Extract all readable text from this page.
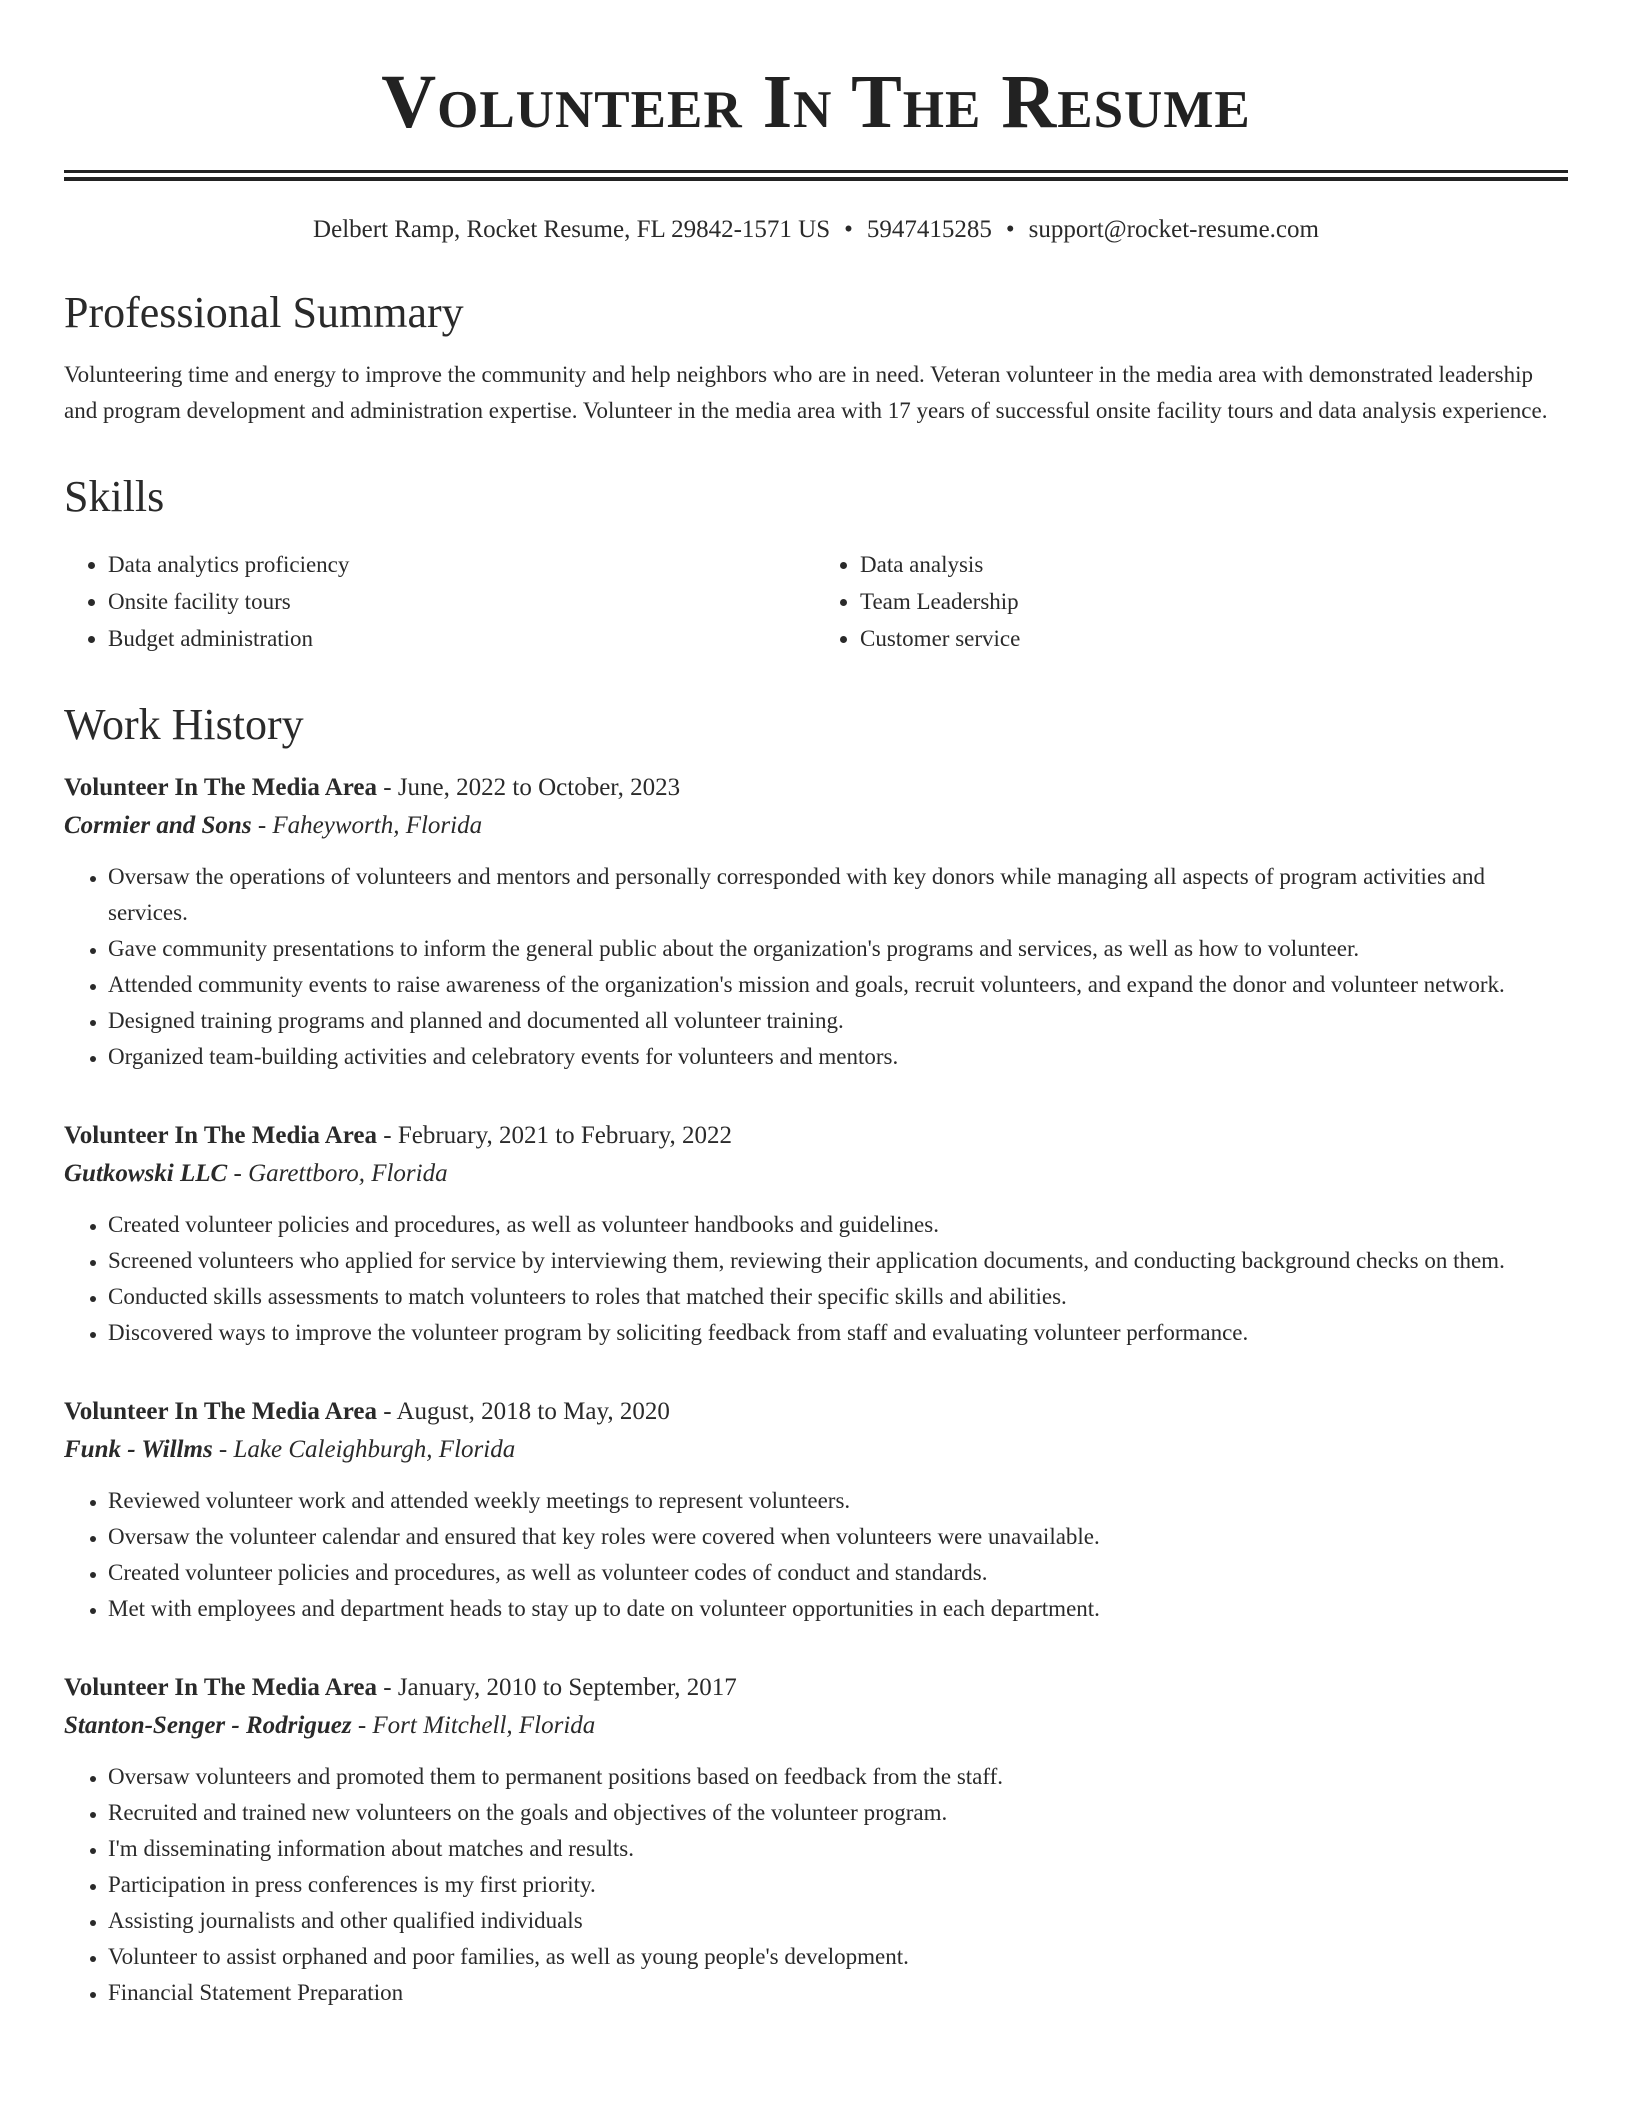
Volunteer In The Resume
Delbert Ramp, Rocket Resume, FL 29842-1571 US • 5947415285 • support@rocket-resume.com
Professional Summary
Volunteering time and energy to improve the community and help neighbors who are in need. Veteran volunteer in the media area with demonstrated leadership and program development and administration expertise. Volunteer in the media area with 17 years of successful onsite facility tours and data analysis experience.
Skills
• Data analytics proficiency
• Onsite facility tours
• Budget administration
• Data analysis
• Team Leadership
• Customer service
Work History
Volunteer In The Media Area - June, 2022 to October, 2023
Cormier and Sons - Faheyworth, Florida
• Oversaw the operations of volunteers and mentors and personally corresponded with key donors while managing all aspects of program activities and services.
• Gave community presentations to inform the general public about the organization's programs and services, as well as how to volunteer.
• Attended community events to raise awareness of the organization's mission and goals, recruit volunteers, and expand the donor and volunteer network.
• Designed training programs and planned and documented all volunteer training.
• Organized team-building activities and celebratory events for volunteers and mentors.
Volunteer In The Media Area - February, 2021 to February, 2022
Gutkowski LLC - Garettboro, Florida
• Created volunteer policies and procedures, as well as volunteer handbooks and guidelines.
• Screened volunteers who applied for service by interviewing them, reviewing their application documents, and conducting background checks on them.
• Conducted skills assessments to match volunteers to roles that matched their specific skills and abilities.
• Discovered ways to improve the volunteer program by soliciting feedback from staff and evaluating volunteer performance.
Volunteer In The Media Area - August, 2018 to May, 2020
Funk - Willms - Lake Caleighburgh, Florida
• Reviewed volunteer work and attended weekly meetings to represent volunteers.
• Oversaw the volunteer calendar and ensured that key roles were covered when volunteers were unavailable.
• Created volunteer policies and procedures, as well as volunteer codes of conduct and standards.
• Met with employees and department heads to stay up to date on volunteer opportunities in each department.
Volunteer In The Media Area - January, 2010 to September, 2017
Stanton-Senger - Rodriguez - Fort Mitchell, Florida
• Oversaw volunteers and promoted them to permanent positions based on feedback from the staff.
• Recruited and trained new volunteers on the goals and objectives of the volunteer program.
• I'm disseminating information about matches and results.
• Participation in press conferences is my first priority.
• Assisting journalists and other qualified individuals
• Volunteer to assist orphaned and poor families, as well as young people's development.
• Financial Statement Preparation
